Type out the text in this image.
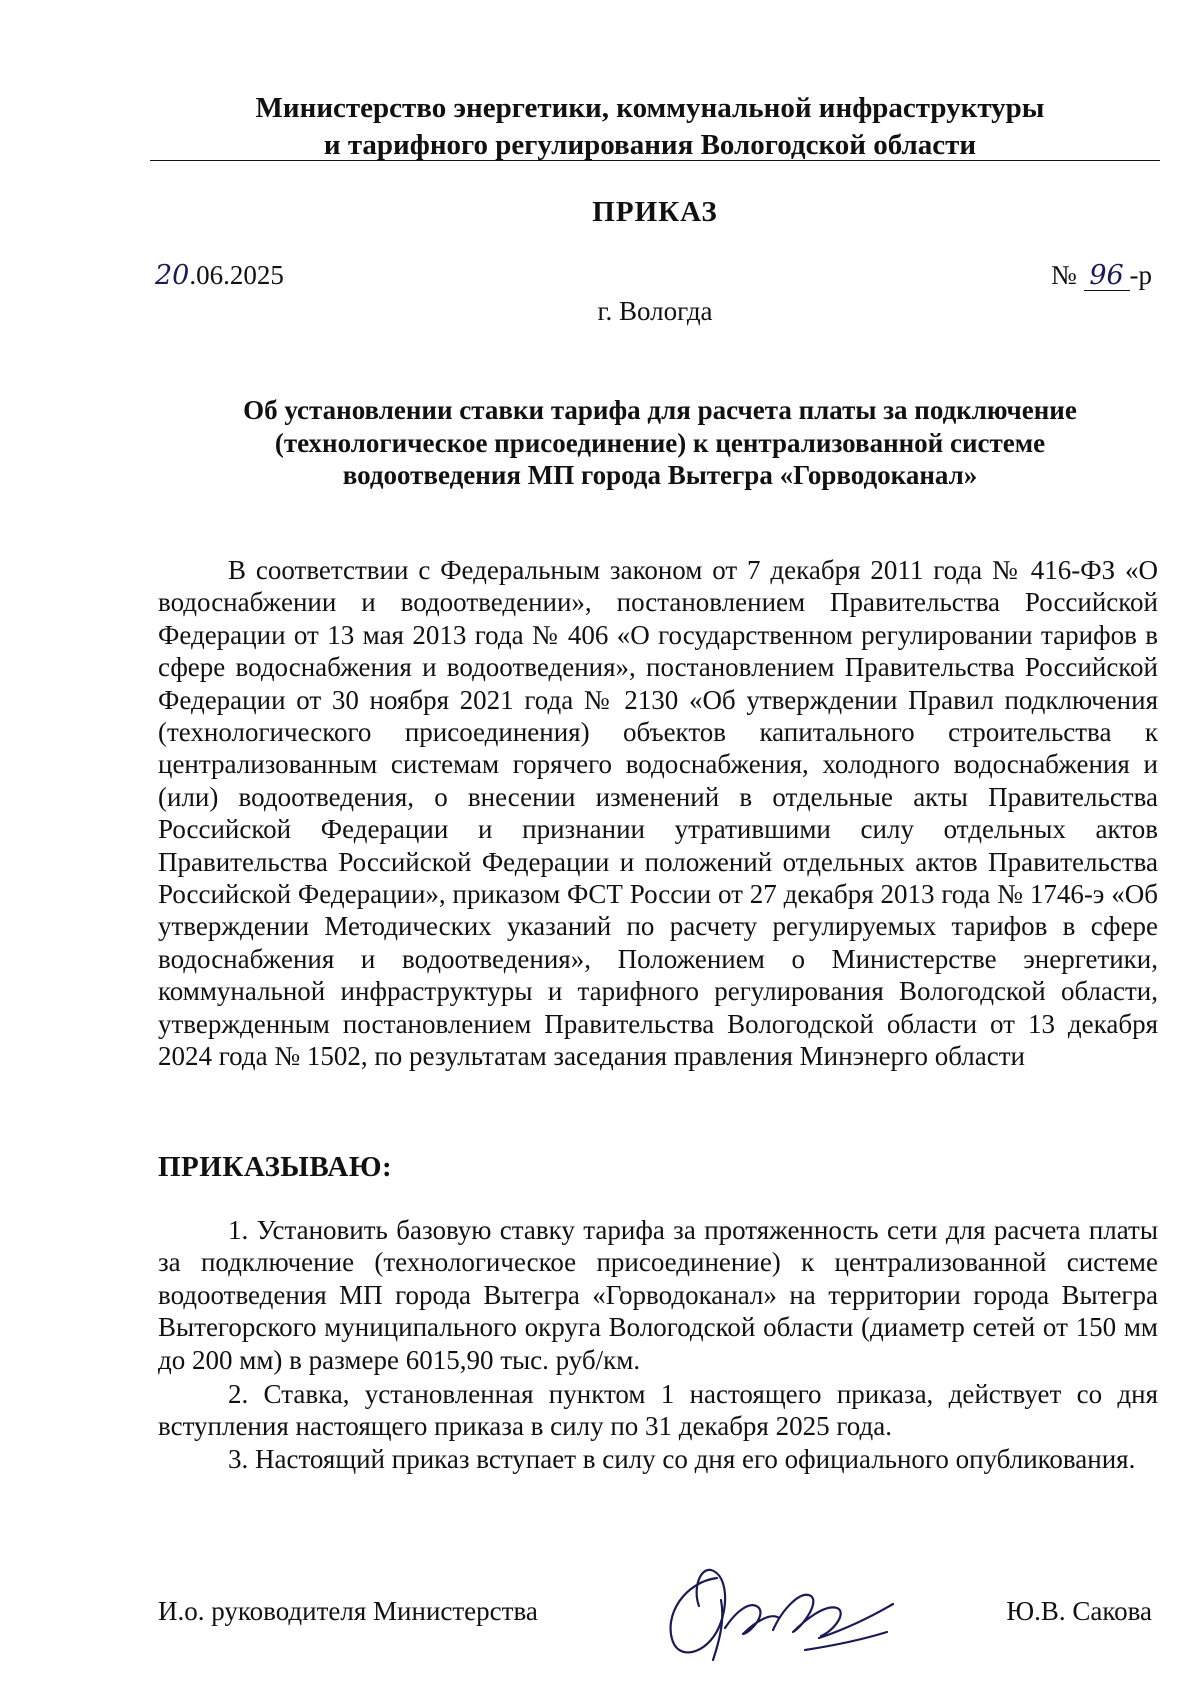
Министерство энергетики, коммунальной инфраструктуры
и тарифного регулирования Вологодской области
ПРИКАЗ
20.06.2025	№ 96 -р
г. Вологда
Об установлении ставки тарифа для расчета платы за подключение
(технологическое присоединение) к централизованной системе
водоотведения МП города Вытегра «Горводоканал»

В соответствии с Федеральным законом от 7 декабря 2011 года № 416-ФЗ «О водоснабжении и водоотведении», постановлением Правительства Российской Федерации от 13 мая 2013 года № 406 «О государственном регулировании тарифов в сфере водоснабжения и водоотведения», постановлением Правительства Российской Федерации от 30 ноября 2021 года № 2130 «Об утверждении Правил подключения (технологического присоединения) объектов капитального строительства к централизованным системам горячего водоснабжения, холодного водоснабжения и (или) водоотведения, о внесении изменений в отдельные акты Правительства Российской Федерации и признании утратившими силу отдельных актов Правительства Российской Федерации и положений отдельных актов Правительства Российской Федерации», приказом ФСТ России от 27 декабря 2013 года № 1746-э «Об утверждении Методических указаний по расчету регулируемых тарифов в сфере водоснабжения и водоотведения», Положением о Министерстве энергетики, коммунальной инфраструктуры и тарифного регулирования Вологодской области, утвержденным постановлением Правительства Вологодской области от 13 декабря 2024 года № 1502, по результатам заседания правления Минэнерго области

ПРИКАЗЫВАЮ:

1. Установить базовую ставку тарифа за протяженность сети для расчета платы за подключение (технологическое присоединение) к централизованной системе водоотведения МП города Вытегра «Горводоканал» на территории города Вытегра Вытегорского муниципального округа Вологодской области (диаметр сетей от 150 мм до 200 мм) в размере 6015,90 тыс. руб/км.

2. Ставка, установленная пунктом 1 настоящего приказа, действует со дня вступления настоящего приказа в силу по 31 декабря 2025 года.

3. Настоящий приказ вступает в силу со дня его официального опубликования.

И.о. руководителя Министерства	Ю.В. Сакова
